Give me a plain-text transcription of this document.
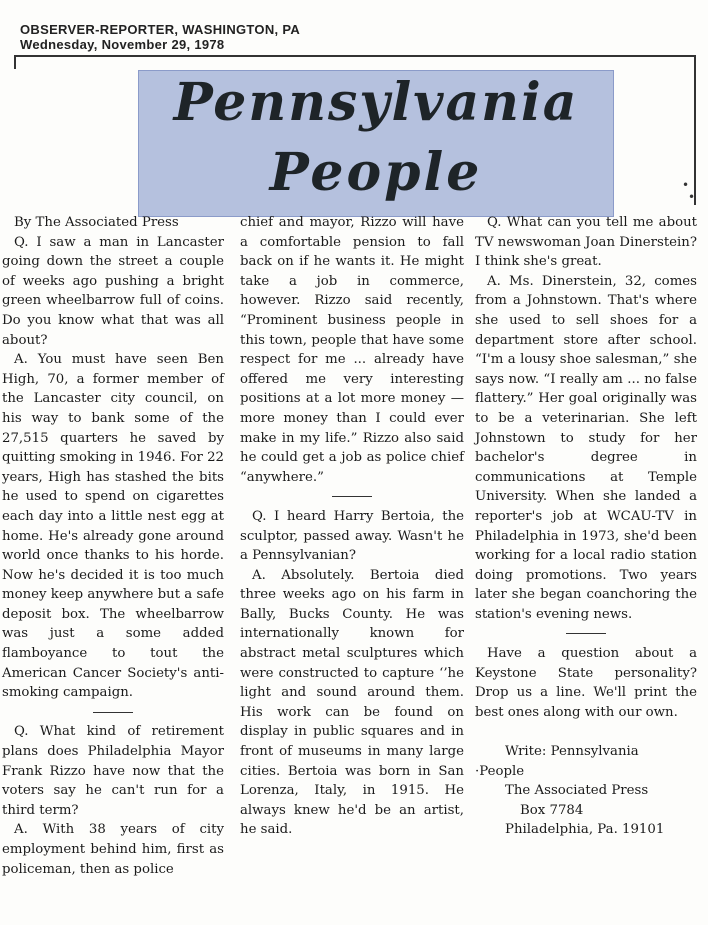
OBSERVER-REPORTER, WASHINGTON, PA
Wednesday, November 29, 1978
Pennsylvania
People	•
•

By The Associated Press

Q. I saw a man in Lancaster going down the street a couple of weeks ago pushing a bright green wheelbarrow full of coins. Do you know what that was all about?

A. You must have seen Ben High, 70, a former member of the Lancaster city council, on his way to bank some of the 27,515 quarters he saved by quitting smoking in 1946. For 22 years, High has stashed the bits he used to spend on cigarettes each day into a little nest egg at home. He's already gone around world once thanks to his horde. Now he's decided it is too much money keep anywhere but a safe deposit box. The wheelbarrow was just a some added flamboyance to tout the American Cancer Society's anti-smoking campaign.

Q. What kind of retirement plans does Philadelphia Mayor Frank Rizzo have now that the voters say he can't run for a third term?

A. With 38 years of city employment behind him, first as policeman, then as police

chief and mayor, Rizzo will have a comfortable pension to fall back on if he wants it. He might take a job in commerce, however. Rizzo said recently, “Prominent business people in this town, people that have some respect for me ... already have offered me very interesting positions at a lot more money — more money than I could ever make in my life.” Rizzo also said he could get a job as police chief “anywhere.”

Q. I heard Harry Bertoia, the sculptor, passed away. Wasn't he a Pennsylvanian?

A. Absolutely. Bertoia died three weeks ago on his farm in Bally, Bucks County. He was internationally known for abstract metal sculptures which were constructed to capture ‘’he light and sound around them. His work can be found on display in public squares and in front of museums in many large cities. Bertoia was born in San Lorenza, Italy, in 1915. He always knew he'd be an artist, he said.

Q. What can you tell me about TV newswoman Joan Dinerstein? I think she's great.

A. Ms. Dinerstein, 32, comes from a Johnstown. That's where she used to sell shoes for a department store after school. “I'm a lousy shoe salesman,” she says now. “I really am ... no false flattery.” Her goal originally was to be a veterinarian. She left Johnstown to study for her bachelor's degree in communications at Temple University. When she landed a reporter's job at WCAU-TV in Philadelphia in 1973, she'd been working for a local radio station doing promotions. Two years later she began coanchoring the station's evening news.

Have a question about a Keystone State personality? Drop us a line. We'll print the best ones along with our own.

Write: Pennsylvania
·People
The Associated Press
Box 7784
Philadelphia, Pa. 19101
